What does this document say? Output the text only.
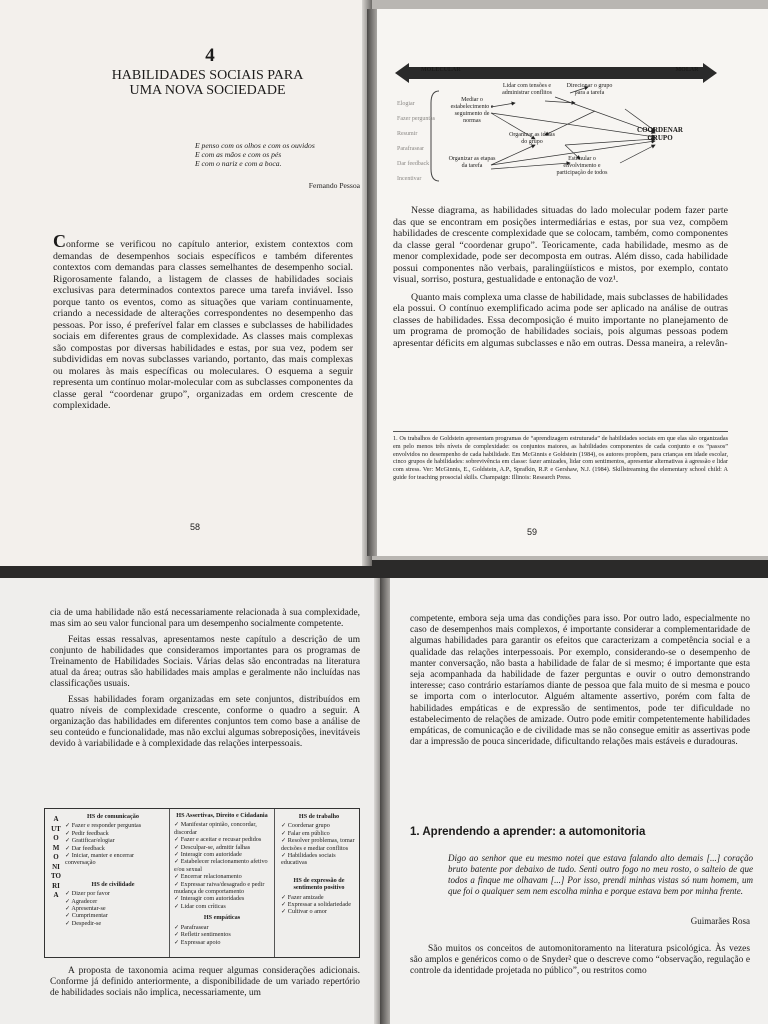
4
HABILIDADES SOCIAIS PARA UMA NOVA SOCIEDADE
E penso com os olhos e com os ouvidos
E com as mãos e com os pés
E com o nariz e com a boca.
Fernando Pessoa
Conforme se verificou no capítulo anterior, existem contextos com demandas de desempenhos sociais específicos e também diferentes contextos com demandas para classes semelhantes de desempenho social. Rigorosamente falando, a listagem de classes de habilidades sociais exclusivas para determinados contextos parece uma tarefa inviável. Isso porque tanto os eventos, como as situações que variam continuamente, criando a necessidade de alterações correspondentes no desempenho das pessoas. Por isso, é preferível falar em classes e subclasses de habilidades sociais em diferentes graus de complexidade. As classes mais complexas são compostas por diversas habilidades e estas, por sua vez, podem ser subdivididas em novas subclasses variando, portanto, das mais complexas ou molares às mais específicas ou moleculares. O esquema a seguir representa um contínuo molar-molecular com as subclasses componentes da classe geral “coordenar grupo”, organizadas em ordem crescente de complexidade.
58
MOLECULAR	MOLAR
Elogiar
Fazer perguntas
Resumir
Parafrasear
Dar feedback
Incentivar
Mediar o estabelecimento e seguimento de normas
Lidar com tensões e administrar conflitos
Direcionar o grupo para a tarefa
Organizar as ideias do grupo
Organizar as etapas da tarefa
Estimular o envolvimento e participação de todos
COORDENAR GRUPO

Nesse diagrama, as habilidades situadas do lado molecular podem fazer parte das que se encontram em posições intermediárias e estas, por sua vez, compõem habilidades de crescente complexidade que se colocam, também, como componentes da classe geral “coordenar grupo”. Teoricamente, cada habilidade, mesmo as de menor complexidade, pode ser decomposta em outras. Além disso, cada habilidade possui componentes não verbais, paralingüísticos e mistos, por exemplo, contato visual, sorriso, postura, gestualidade e entonação de voz¹.

Quanto mais complexa uma classe de habilidade, mais subclasses de habilidades ela possui. O contínuo exemplificado acima pode ser aplicado na análise de outras classes de habilidades. Essa decomposição é muito importante no planejamento de um programa de promoção de habilidades sociais, pois algumas pessoas podem apresentar déficits em algumas subclasses e não em outras. Dessa maneira, a relevân-

1. Os trabalhos de Goldstein apresentam programas de “aprendizagem estruturada” de habilidades sociais em que elas são organizadas em pelo menos três níveis de complexidade: os conjuntos maiores, as habilidades componentes de cada conjunto e os “passos” envolvidos no desempenho de cada habilidade. Em McGinnis e Goldstein (1984), os autores propõem, para crianças em idade escolar, cinco grupos de habilidades: sobrevivência em classe: fazer amizades, lidar com sentimentos, apresentar alternativas à agressão e lidar com stress. Ver: McGinnis, E., Goldstein, A.P., Sprafkin, R.P. e Gershaw, N.J. (1984). Skillstreaming the elementary school child: A guide for teaching prosocial skills. Champaign: Illinois: Research Press.
59

cia de uma habilidade não está necessariamente relacionada à sua complexidade, mas sim ao seu valor funcional para um desempenho socialmente competente.

Feitas essas ressalvas, apresentamos neste capítulo a descrição de um conjunto de habilidades que consideramos importantes para os programas de Treinamento de Habilidades Sociais. Várias delas são encontradas na literatura atual da área; outras são habilidades mais amplas e geralmente não incluídas nas classificações usuais.

Essas habilidades foram organizadas em sete conjuntos, distribuídos em quatro níveis de complexidade crescente, conforme o quadro a seguir. A organização das habilidades em diferentes conjuntos tem como base a análise de seu conteúdo e funcionalidade, mas não exclui algumas sobreposições, inevitáveis devido à variabilidade e à complexidade das relações interpessoais.

AUTOMONITORIA
HS de comunicação
✓ Fazer e responder perguntas
✓ Pedir feedback
✓ Gratificar/elogiar
✓ Dar feedback
✓ Iniciar, manter e encerrar conversação
HS de civilidade
✓ Dizer por favor
✓ Agradecer
✓ Apresentar-se
✓ Cumprimentar
✓ Despedir-se
HS Assertivas, Direito e Cidadania
✓ Manifestar opinião, concordar, discordar
✓ Fazer e aceitar e recusar pedidos
✓ Desculpar-se, admitir falhas
✓ Interagir com autoridade
✓ Estabelecer relacionamento afetivo e/ou sexual
✓ Encerrar relacionamento
✓ Expressar raiva/desagrado e pedir mudança de comportamento
✓ Interagir com autoridades
✓ Lidar com críticas
HS empáticas
✓ Parafrasear
✓ Refletir sentimentos
✓ Expressar apoio
HS de trabalho
✓ Coordenar grupo
✓ Falar em público
✓ Resolver problemas, tomar decisões e mediar conflitos
✓ Habilidades sociais educativas
HS de expressão de sentimento positivo
✓ Fazer amizade
✓ Expressar a solidariedade
✓ Cultivar o amor
A proposta de taxonomia acima requer algumas considerações adicionais. Conforme já definido anteriormente, a disponibilidade de um variado repertório de habilidades sociais não implica, necessariamente, um
competente, embora seja uma das condições para isso. Por outro lado, especialmente no caso de desempenhos mais complexos, é importante considerar a complementaridade de algumas habilidades para garantir os efeitos que caracterizam a competência social e a qualidade das relações interpessoais. Por exemplo, considerando-se o desempenho de manter conversação, não basta a habilidade de falar de si mesmo; é importante que esta seja acompanhada da habilidade de fazer perguntas e ouvir o outro demonstrando interesse; caso contrário estaríamos diante de pessoa que fala muito de si mesma e pouco se importa com o interlocutor. Alguém altamente assertivo, porém com falta de habilidades empáticas e de expressão de sentimentos, pode ter dificuldade no estabelecimento de relações de amizade. Outro pode emitir competentemente habilidades empáticas, de comunicação e de civilidade mas se não consegue emitir as assertivas pode dar a impressão de pouca sinceridade, dificultando relações mais estáveis e duradouras.
1. Aprendendo a aprender: a automonitoria
Digo ao senhor que eu mesmo notei que estava falando alto demais [...] coração bruto batente por debaixo de tudo. Senti outro fogo no meu rosto, o salteio de que todos a finque me olhavam [...] Por isso, prendi minhas vistas só num homem, um que foi o qualquer sem nem escolha minha e porque estava bem por minha frente.
Guimarães Rosa
São muitos os conceitos de automonitoramento na literatura psicológica. Às vezes são amplos e genéricos como o de Snyder² que o descreve como “observação, regulação e controle da identidade projetada no público”, ou restritos como
